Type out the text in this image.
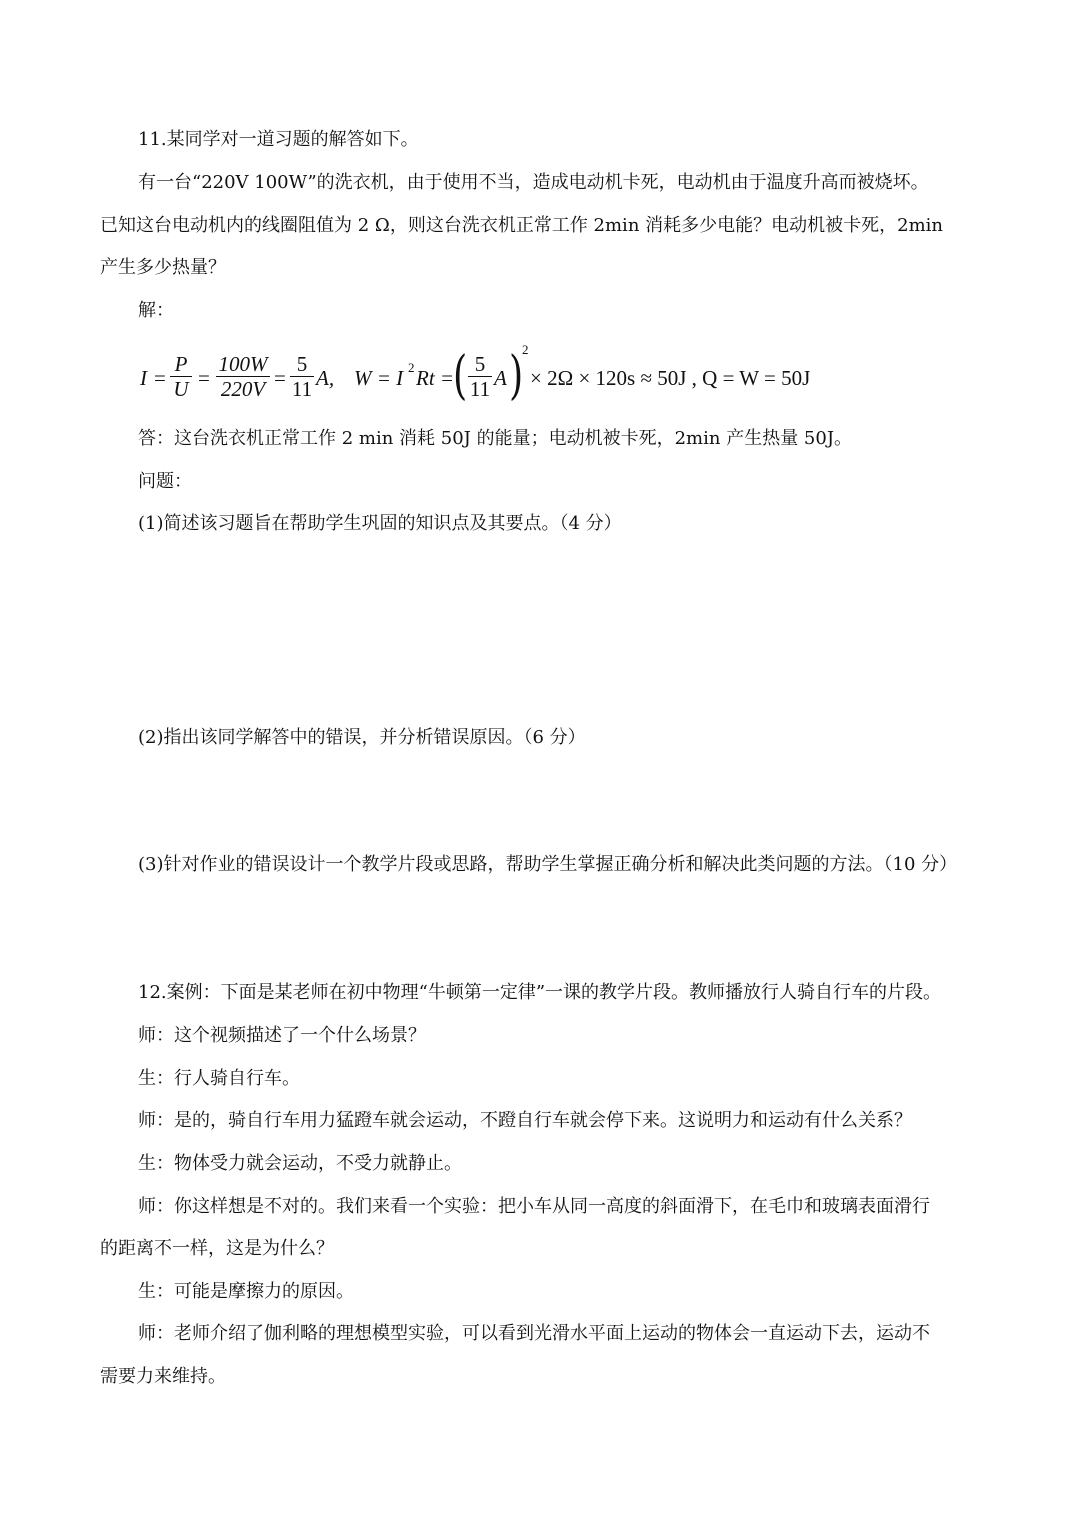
11.某同学对一道习题的解答如下。
有一台“220V 100W”的洗衣机，由于使用不当，造成电动机卡死，电动机由于温度升高而被烧坏。
已知这台电动机内的线圈阻值为 2 Ω，则这台洗衣机正常工作 2min 消耗多少电能？电动机被卡死，2min
产生多少热量？
解：
$I = \frac{P}{U} = \frac{100W}{220V} = \frac{5}{11} A$, W = I 2 Rt =
( $\frac{5}{11}$ A )
2
× 2Ω × 120s ≈ 50J , Q = W = 50J
答：这台洗衣机正常工作 2 min 消耗 50J 的能量；电动机被卡死，2min 产生热量 50J。
问题：
(1)简述该习题旨在帮助学生巩固的知识点及其要点。（4 分）
(2)指出该同学解答中的错误，并分析错误原因。（6 分）
(3)针对作业的错误设计一个教学片段或思路，帮助学生掌握正确分析和解决此类问题的方法。（10 分）
12.案例：下面是某老师在初中物理“牛顿第一定律”一课的教学片段。教师播放行人骑自行车的片段。
师：这个视频描述了一个什么场景？
生：行人骑自行车。
师：是的，骑自行车用力猛蹬车就会运动，不蹬自行车就会停下来。这说明力和运动有什么关系？
生：物体受力就会运动，不受力就静止。
师：你这样想是不对的。我们来看一个实验：把小车从同一高度的斜面滑下，在毛巾和玻璃表面滑行
的距离不一样，这是为什么？
生：可能是摩擦力的原因。
师：老师介绍了伽利略的理想模型实验，可以看到光滑水平面上运动的物体会一直运动下去，运动不
需要力来维持。
